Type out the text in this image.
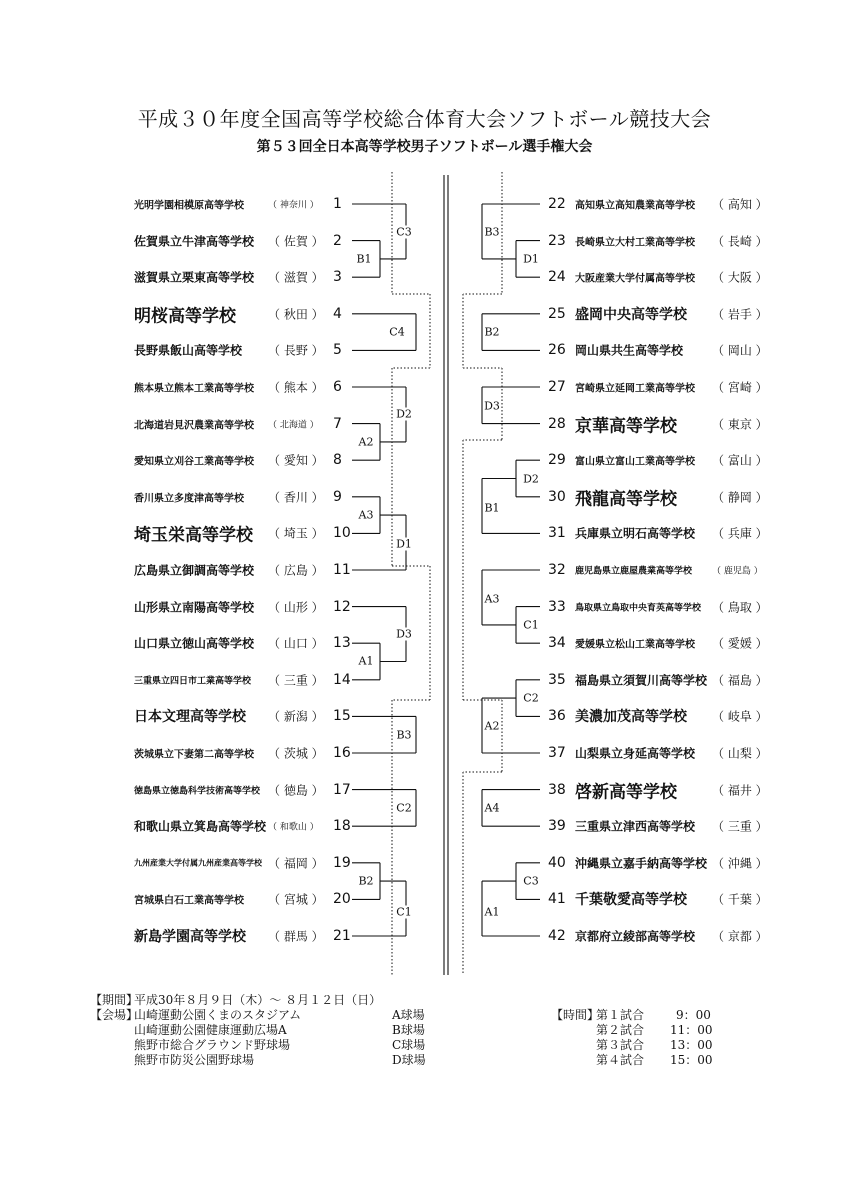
平成３０年度全国高等学校総合体育大会ソフトボール競技大会
第５３回全日本高等学校男子ソフトボール選手権大会
光明学園相模原高等学校	（ 神奈川 ） 1
佐賀県立牛津高等学校 （ 佐賀 ） 2
滋賀県立栗東高等学校 （ 滋賀 ） 3
明桜高等学校	（ 秋田 ） 4
長野県飯山高等学校 （ 長野 ） 5
熊本県立熊本工業高等学校 （ 熊本 ） 6
北海道岩見沢農業高等学校 （ 北海道 ） 7
愛知県立刈谷工業高等学校 （ 愛知 ） 8
香川県立多度津高等学校 （ 香川 ） 9
埼玉栄高等学校 （ 埼玉 ） 10
広島県立御調高等学校 （ 広島 ） 11
山形県立南陽高等学校 （ 山形 ） 12
山口県立徳山高等学校 （ 山口 ） 13
三重県立四日市工業高等学校 （ 三重 ） 14
日本文理高等学校 （ 新潟 ） 15
茨城県立下妻第二高等学校 （ 茨城 ） 16
徳島県立徳島科学技術高等学校 （ 徳島 ） 17
和歌山県立箕島高等学校 （ 和歌山 ） 18
九州産業大学付属九州産業高等学校 （ 福岡 ） 19
宮城県白石工業高等学校 （ 宮城 ） 20
新島学園高等学校 （ 群馬 ） 21
22 高知県立高知農業高等学校 （ 高知 ）
23 長崎県立大村工業高等学校 （ 長崎 ）
24 大阪産業大学付属高等学校 （ 大阪 ）
25 盛岡中央高等学校 （ 岩手 ）
26 岡山県共生高等学校 （ 岡山 ）
27 宮崎県立延岡工業高等学校 （ 宮崎 ）
28 京華高等学校	（ 東京 ）
29 富山県立富山工業高等学校 （ 富山 ）
30 飛龍高等学校	（ 静岡 ）
31 兵庫県立明石高等学校 （ 兵庫 ）
32 鹿児島県立鹿屋農業高等学校 （ 鹿児島 ）
33 鳥取県立鳥取中央育英高等学校 （ 鳥取 ）
34 愛媛県立松山工業高等学校 （ 愛媛 ）
35 福島県立須賀川高等学校 （ 福島 ）
36 美濃加茂高等学校 （ 岐阜 ）
37 山梨県立身延高等学校 （ 山梨 ）
38 啓新高等学校	（ 福井 ）
39 三重県立津西高等学校 （ 三重 ）
40 沖縄県立嘉手納高等学校 （ 沖縄 ）
41 千葉敬愛高等学校 （ 千葉 ）
42 京都府立綾部高等学校 （ 京都 ）
C3
B1
C4
D2
A2
A3
D1
D3
A1
B3
C2
B2
C1
B3
D1
B2
D3
D2
B1
A3
C1
C2
A2
A4
C3
A1
【期間】
平成30年８月９日（木）～ ８月１２日（日）
【会場】
山崎運動公園くまのスタジアム	A球場
山崎運動公園健康運動広場A	B球場
熊野市総合グラウンド野球場	C球場
熊野市防災公園野球場	D球場
【時間】
第１試合	9：00
第２試合 11：00
第３試合 13：00
第４試合 15：00
